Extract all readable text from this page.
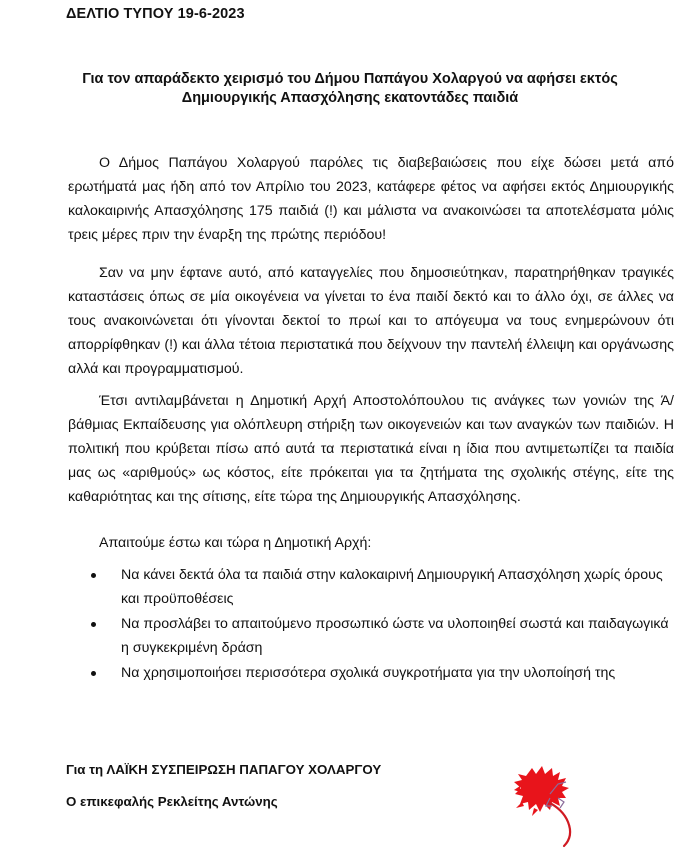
ΔΕΛΤΙΟ ΤΥΠΟΥ 19-6-2023
Για τον απαράδεκτο χειρισμό του Δήμου Παπάγου Χολαργού να αφήσει εκτός
Δημιουργικής Απασχόλησης εκατοντάδες παιδιά
Ο Δήμος Παπάγου Χολαργού παρόλες τις διαβεβαιώσεις που είχε δώσει μετά από ερωτήματά μας ήδη από τον Απρίλιο του 2023, κατάφερε φέτος να αφήσει εκτός Δημιουργικής καλοκαιρινής Απασχόλησης 175 παιδιά (!) και μάλιστα να ανακοινώσει τα αποτελέσματα μόλις τρεις μέρες πριν την έναρξη της πρώτης περιόδου!
Σαν να μην έφτανε αυτό, από καταγγελίες που δημοσιεύτηκαν, παρατηρήθηκαν τραγικές καταστάσεις όπως σε μία οικογένεια να γίνεται το ένα παιδί δεκτό και το άλλο όχι, σε άλλες να τους ανακοινώνεται ότι γίνονται δεκτοί το πρωί και το απόγευμα να τους ενημερώνουν ότι απορρίφθηκαν (!) και άλλα τέτοια περιστατικά που δείχνουν την παντελή έλλειψη και οργάνωσης αλλά και προγραμματισμού.
Έτσι αντιλαμβάνεται η Δημοτική Αρχή Αποστολόπουλου τις ανάγκες των γονιών της Ά/ βάθμιας Εκπαίδευσης για ολόπλευρη στήριξη των οικογενειών και των αναγκών των παιδιών. Η πολιτική που κρύβεται πίσω από αυτά τα περιστατικά είναι η ίδια που αντιμετωπίζει τα παιδία μας ως «αριθμούς» ως κόστος, είτε πρόκειται για τα ζητήματα της σχολικής στέγης, είτε της καθαριότητας και της σίτισης, είτε τώρα της Δημιουργικής Απασχόλησης.
Απαιτούμε έστω και τώρα η Δημοτική Αρχή:
Να κάνει δεκτά όλα τα παιδιά στην καλοκαιρινή Δημιουργική Απασχόληση χωρίς όρους και προϋποθέσεις
Να προσλάβει το απαιτούμενο προσωπικό ώστε να υλοποιηθεί σωστά και παιδαγωγικά η συγκεκριμένη δράση
Να χρησιμοποιήσει περισσότερα σχολικά συγκροτήματα για την υλοποίησή της
Για τη ΛΑΪΚΗ ΣΥΣΠΕΙΡΩΣΗ ΠΑΠΑΓΟΥ ΧΟΛΑΡΓΟΥ
Ο επικεφαλής Ρεκλείτης Αντώνης
